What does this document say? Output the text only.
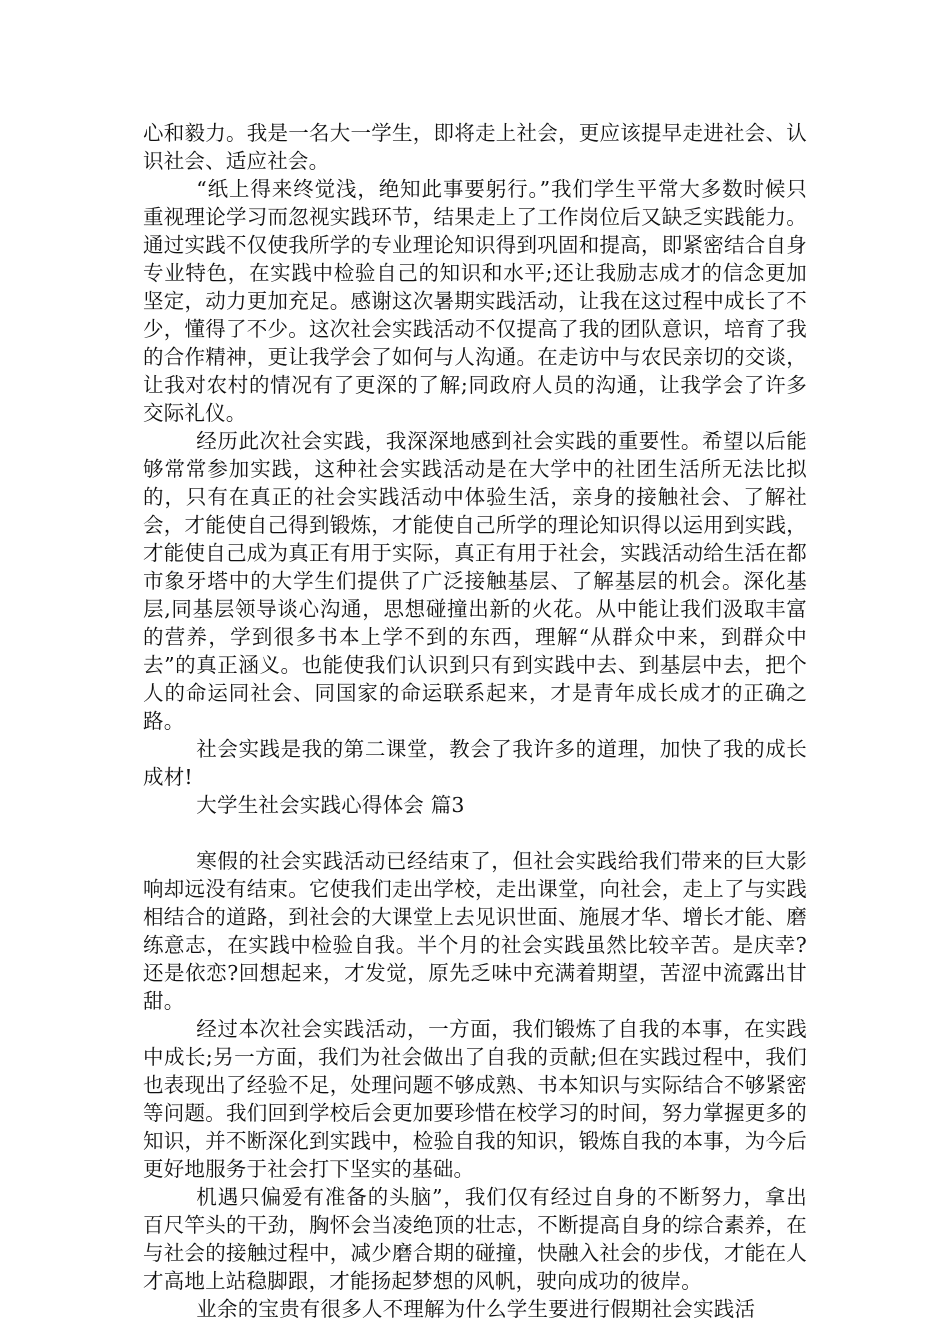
心和毅力。我是一名大一学生，即将走上社会，更应该提早走进社会、认识社会、适应社会。

“纸上得来终觉浅，绝知此事要躬行。”我们学生平常大多数时候只重视理论学习而忽视实践环节，结果走上了工作岗位后又缺乏实践能力。通过实践不仅使我所学的专业理论知识得到巩固和提高，即紧密结合自身专业特色，在实践中检验自己的知识和水平;还让我励志成才的信念更加坚定，动力更加充足。感谢这次暑期实践活动，让我在这过程中成长了不少，懂得了不少。这次社会实践活动不仅提高了我的团队意识，培育了我的合作精神，更让我学会了如何与人沟通。在走访中与农民亲切的交谈，让我对农村的情况有了更深的了解;同政府人员的沟通，让我学会了许多交际礼仪。

经历此次社会实践，我深深地感到社会实践的重要性。希望以后能够常常参加实践，这种社会实践活动是在大学中的社团生活所无法比拟的，只有在真正的社会实践活动中体验生活，亲身的接触社会、了解社会，才能使自己得到锻炼，才能使自己所学的理论知识得以运用到实践，才能使自己成为真正有用于实际，真正有用于社会，实践活动给生活在都市象牙塔中的大学生们提供了广泛接触基层、了解基层的机会。深化基层,同基层领导谈心沟通，思想碰撞出新的火花。从中能让我们汲取丰富的营养，学到很多书本上学不到的东西，理解“从群众中来，到群众中去”的真正涵义。也能使我们认识到只有到实践中去、到基层中去，把个人的命运同社会、同国家的命运联系起来，才是青年成长成才的正确之路。

社会实践是我的第二课堂，教会了我许多的道理，加快了我的成长成材!

大学生社会实践心得体会 篇3

寒假的社会实践活动已经结束了，但社会实践给我们带来的巨大影响却远没有结束。它使我们走出学校，走出课堂，向社会，走上了与实践相结合的道路，到社会的大课堂上去见识世面、施展才华、增长才能、磨练意志，在实践中检验自我。半个月的社会实践虽然比较辛苦。是庆幸?还是依恋?回想起来，才发觉，原先乏味中充满着期望，苦涩中流露出甘甜。

经过本次社会实践活动，一方面，我们锻炼了自我的本事，在实践中成长;另一方面，我们为社会做出了自我的贡献;但在实践过程中，我们也表现出了经验不足，处理问题不够成熟、书本知识与实际结合不够紧密等问题。我们回到学校后会更加要珍惜在校学习的时间，努力掌握更多的知识，并不断深化到实践中，检验自我的知识，锻炼自我的本事，为今后更好地服务于社会打下坚实的基础。

机遇只偏爱有准备的头脑”，我们仅有经过自身的不断努力，拿出百尺竿头的干劲，胸怀会当凌绝顶的壮志，不断提高自身的综合素养，在与社会的接触过程中，减少磨合期的碰撞，快融入社会的步伐，才能在人才高地上站稳脚跟，才能扬起梦想的风帆，驶向成功的彼岸。

业余的宝贵有很多人不理解为什么学生要进行假期社会实践活
